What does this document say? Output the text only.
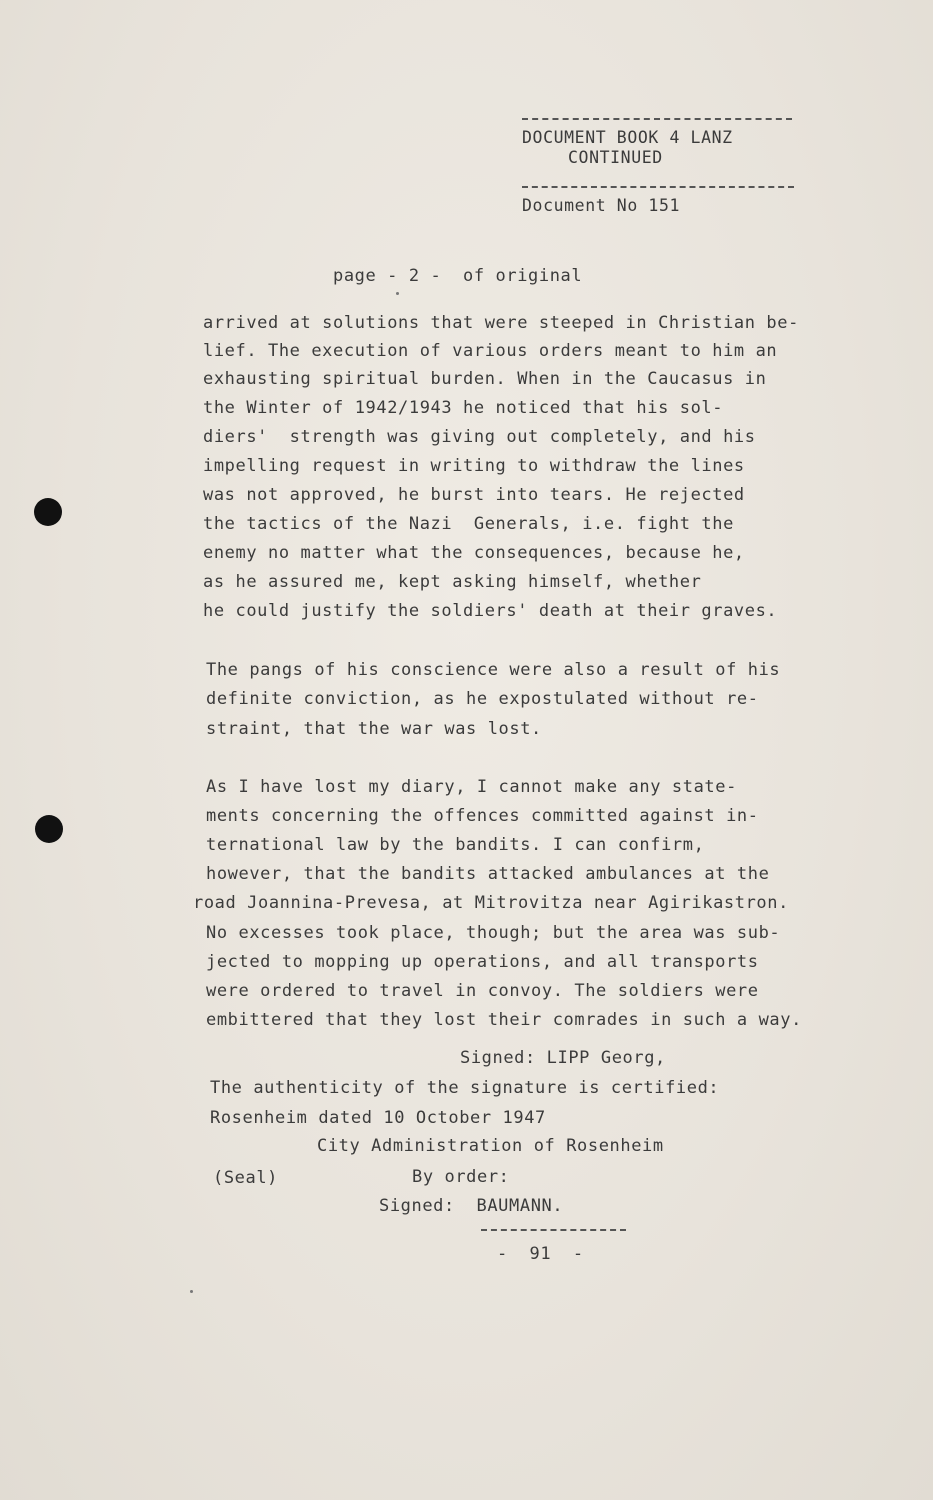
DOCUMENT BOOK 4 LANZ
CONTINUED
Document No 151
page - 2 -  of original
arrived at solutions that were steeped in Christian be-
lief. The execution of various orders meant to him an
exhausting spiritual burden. When in the Caucasus in
the Winter of 1942/1943 he noticed that his sol-
diers'  strength was giving out completely, and his
impelling request in writing to withdraw the lines
was not approved, he burst into tears. He rejected
the tactics of the Nazi  Generals, i.e. fight the
enemy no matter what the consequences, because he,
as he assured me, kept asking himself, whether
he could justify the soldiers' death at their graves.
The pangs of his conscience were also a result of his
definite conviction, as he expostulated without re-
straint, that the war was lost.
As I have lost my diary, I cannot make any state-
ments concerning the offences committed against in-
ternational law by the bandits. I can confirm,
however, that the bandits attacked ambulances at the
road Joannina-Prevesa, at Mitrovitza near Agirikastron.
No excesses took place, though; but the area was sub-
jected to mopping up operations, and all transports
were ordered to travel in convoy. The soldiers were
embittered that they lost their comrades in such a way.
Signed: LIPP Georg,
The authenticity of the signature is certified:
Rosenheim dated 10 October 1947
City Administration of Rosenheim
(Seal)	By order:
Signed:  BAUMANN.
-  91  -
